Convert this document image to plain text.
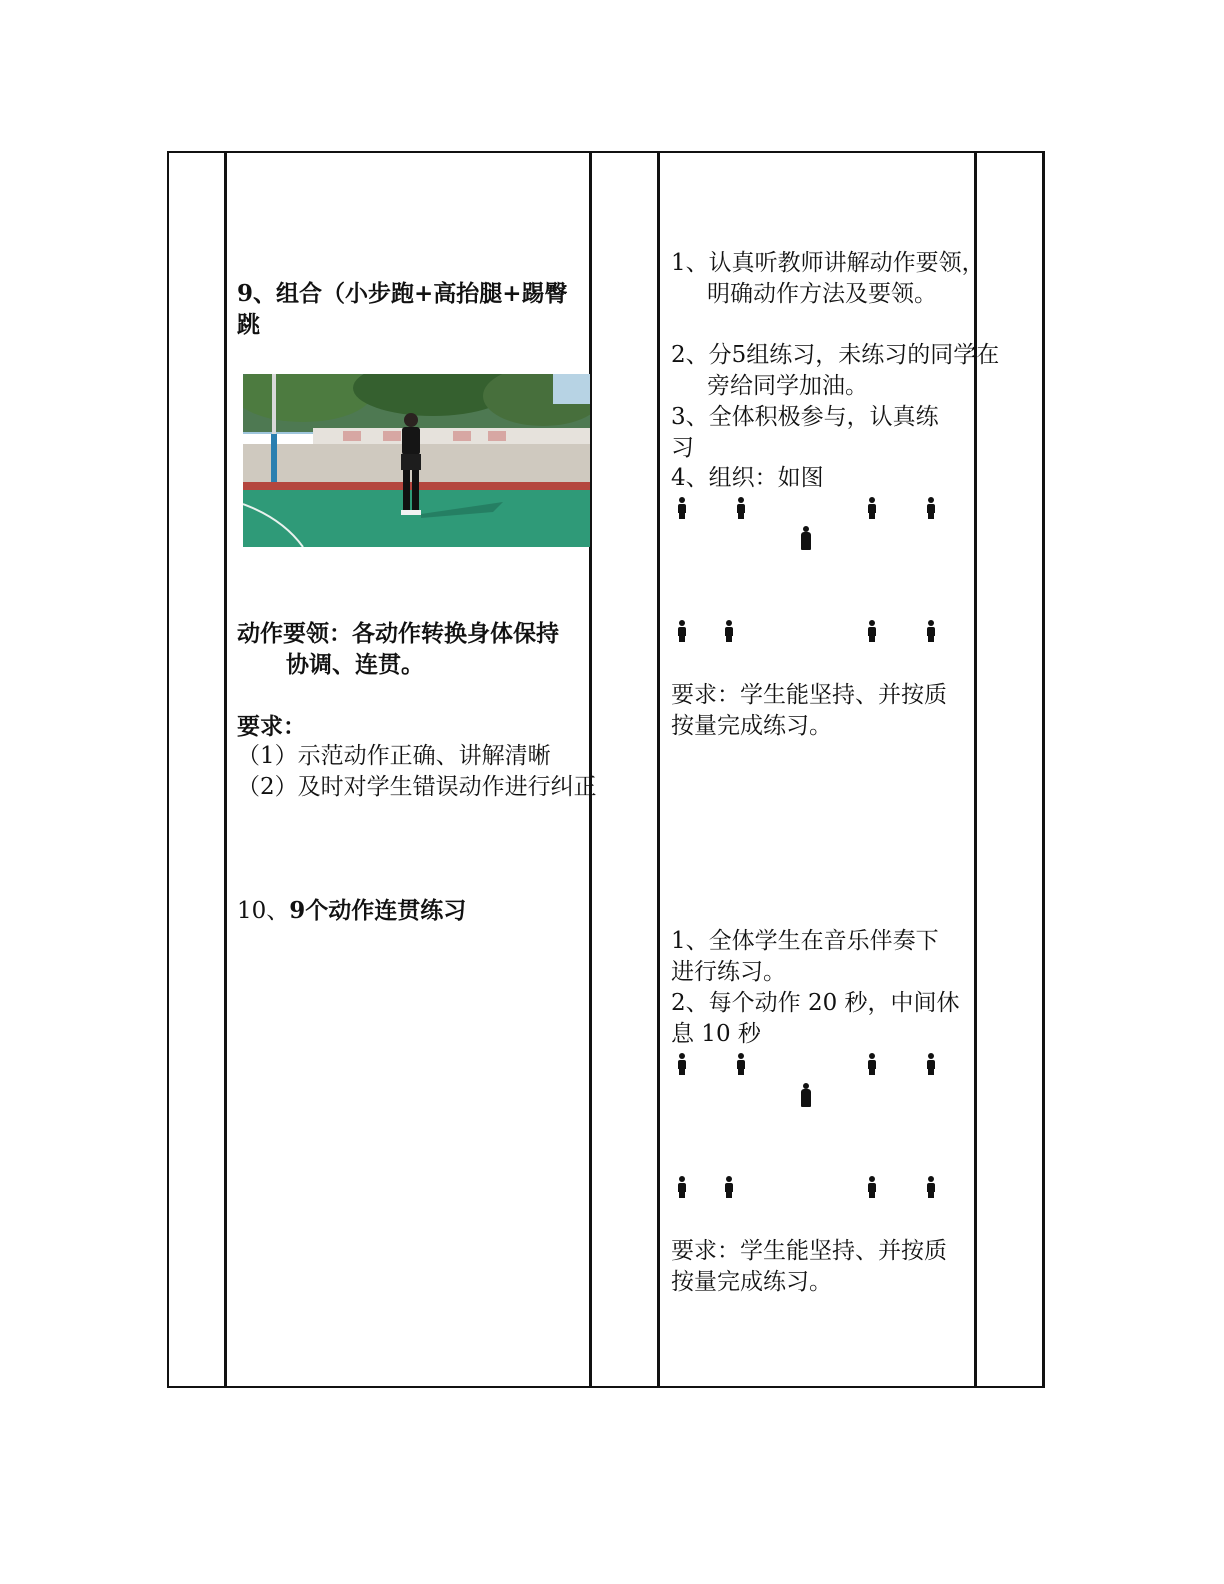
9、组合（小步跑+高抬腿+踢臀
跳
动作要领：各动作转换身体保持
协调、连贯。
要求：
（1）示范动作正确、讲解清晰
（2）及时对学生错误动作进行纠正
10、9个动作连贯练习
1、认真听教师讲解动作要领，明确动作方法及要领。
2、分5组练习，未练习的同学在旁给同学加油。
3、全体积极参与，认真练习
4、组织：如图
要求：学生能坚持、并按质按量完成练习。
1、全体学生在音乐伴奏下进行练习。
2、每个动作 20 秒，中间休息 10 秒
要求：学生能坚持、并按质按量完成练习。
